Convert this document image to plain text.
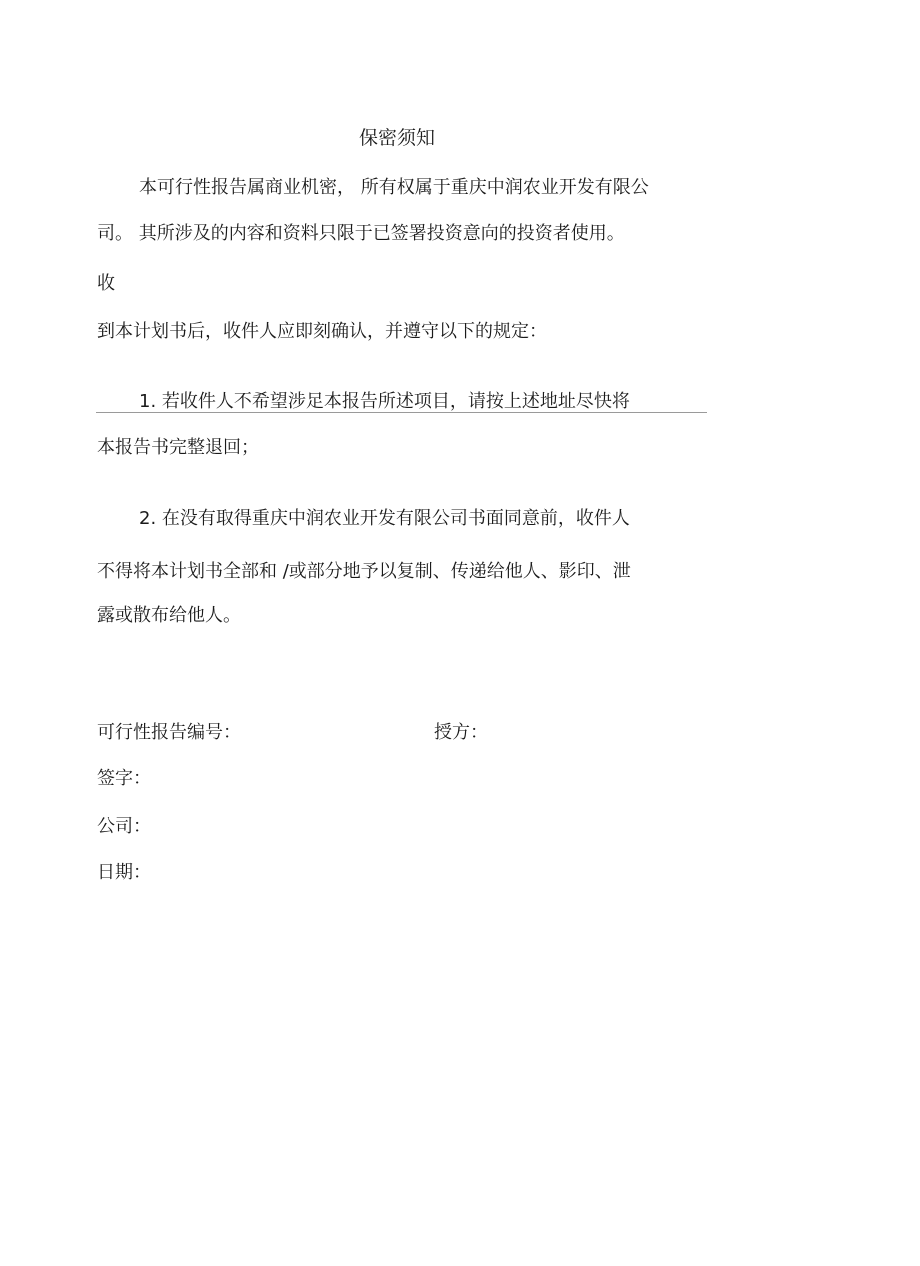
保密须知
本可行性报告属商业机密， 所有权属于重庆中润农业开发有限公
司。 其所涉及的内容和资料只限于已签署投资意向的投资者使用。
收
到本计划书后，收件人应即刻确认，并遵守以下的规定：
1. 若收件人不希望涉足本报告所述项目，请按上述地址尽快将
本报告书完整退回；
2. 在没有取得重庆中润农业开发有限公司书面同意前，收件人
不得将本计划书全部和 /或部分地予以复制、传递给他人、影印、泄
露或散布给他人。
可行性报告编号：	授方：
签字：
公司：
日期：
